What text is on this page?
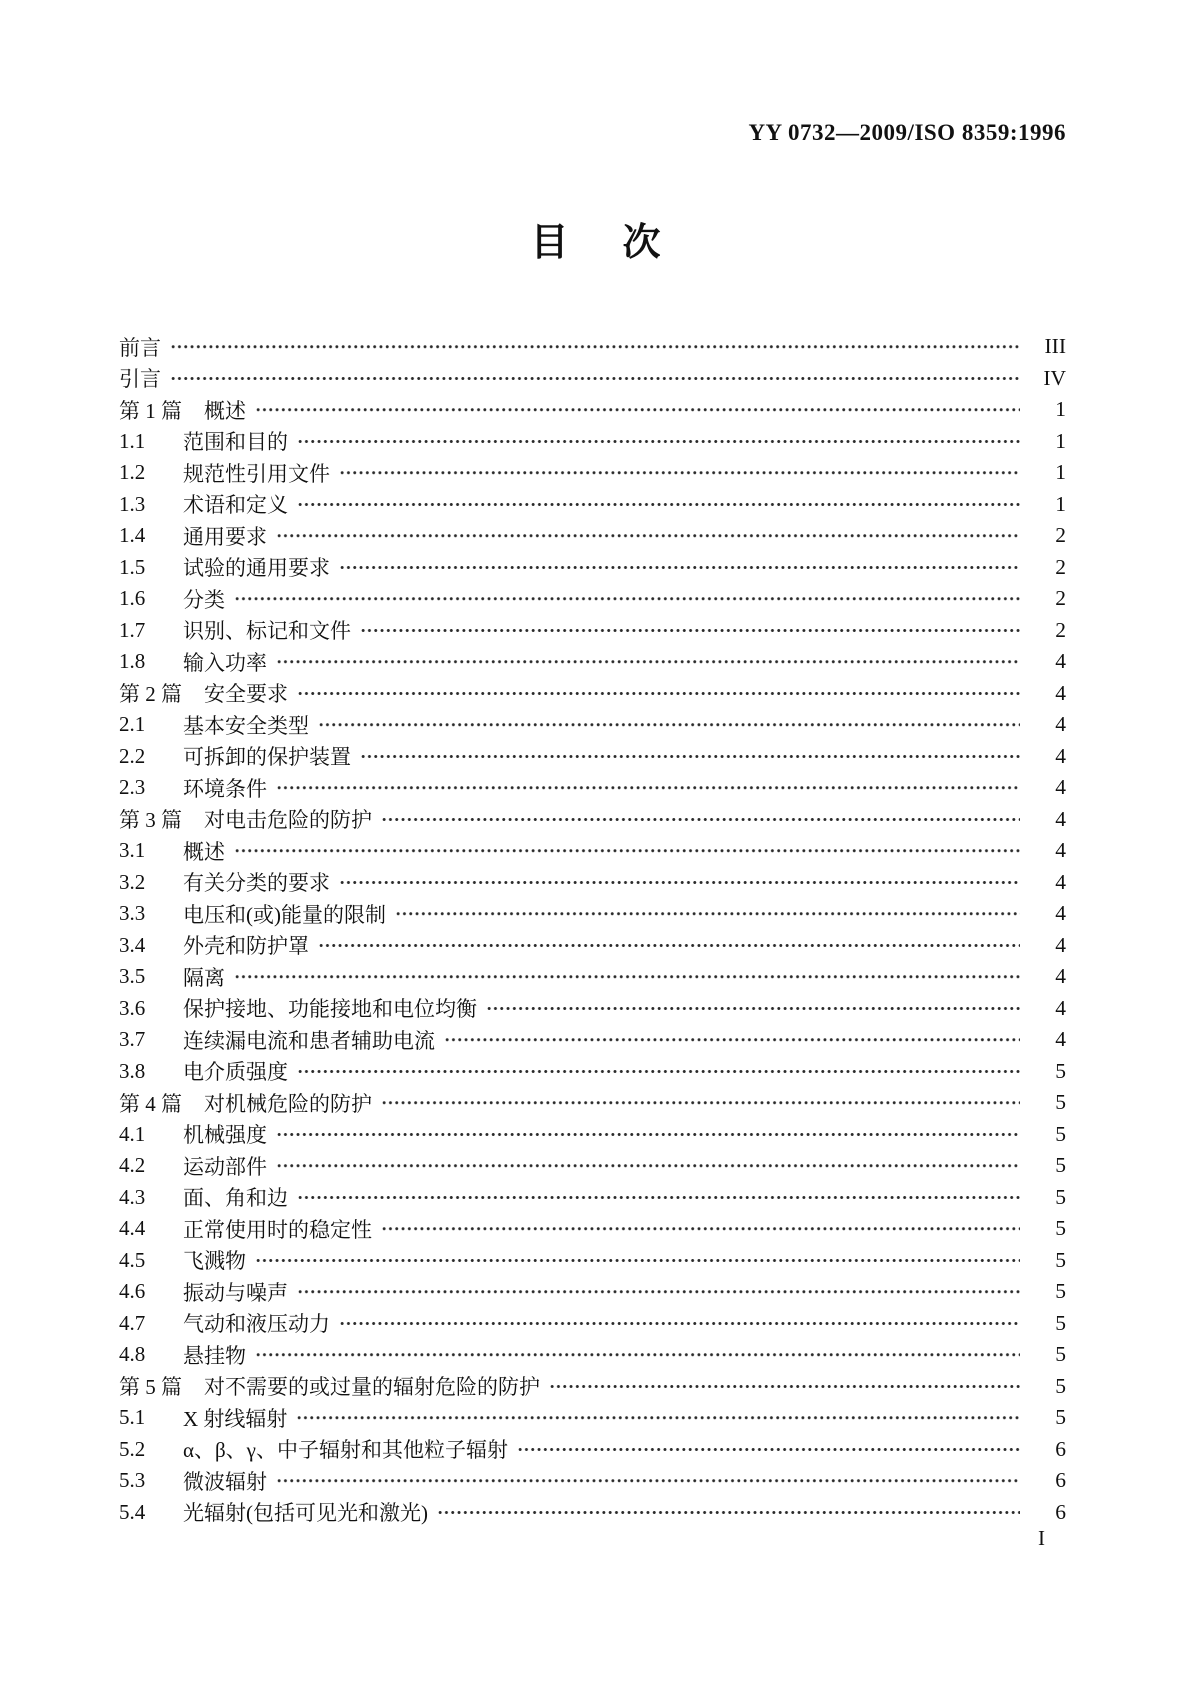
YY 0732—2009/ISO 8359:1996
目 次
前言	III
引言	IV
第 1 篇 概述	1
1.1	范围和目的	1
1.2	规范性引用文件	1
1.3	术语和定义	1
1.4	通用要求	2
1.5	试验的通用要求	2
1.6	分类	2
1.7	识别、标记和文件	2
1.8	输入功率	4
第 2 篇 安全要求	4
2.1	基本安全类型	4
2.2	可拆卸的保护装置	4
2.3	环境条件	4
第 3 篇 对电击危险的防护	4
3.1	概述	4
3.2	有关分类的要求	4
3.3	电压和(或)能量的限制	4
3.4	外壳和防护罩	4
3.5	隔离	4
3.6	保护接地、功能接地和电位均衡	4
3.7	连续漏电流和患者辅助电流	4
3.8	电介质强度	5
第 4 篇 对机械危险的防护	5
4.1	机械强度	5
4.2	运动部件	5
4.3	面、角和边	5
4.4	正常使用时的稳定性	5
4.5	飞溅物	5
4.6	振动与噪声	5
4.7	气动和液压动力	5
4.8	悬挂物	5
第 5 篇 对不需要的或过量的辐射危险的防护	5
5.1	X 射线辐射	5
5.2	α、β、γ、中子辐射和其他粒子辐射	6
5.3	微波辐射	6
5.4	光辐射(包括可见光和激光)	6
I
